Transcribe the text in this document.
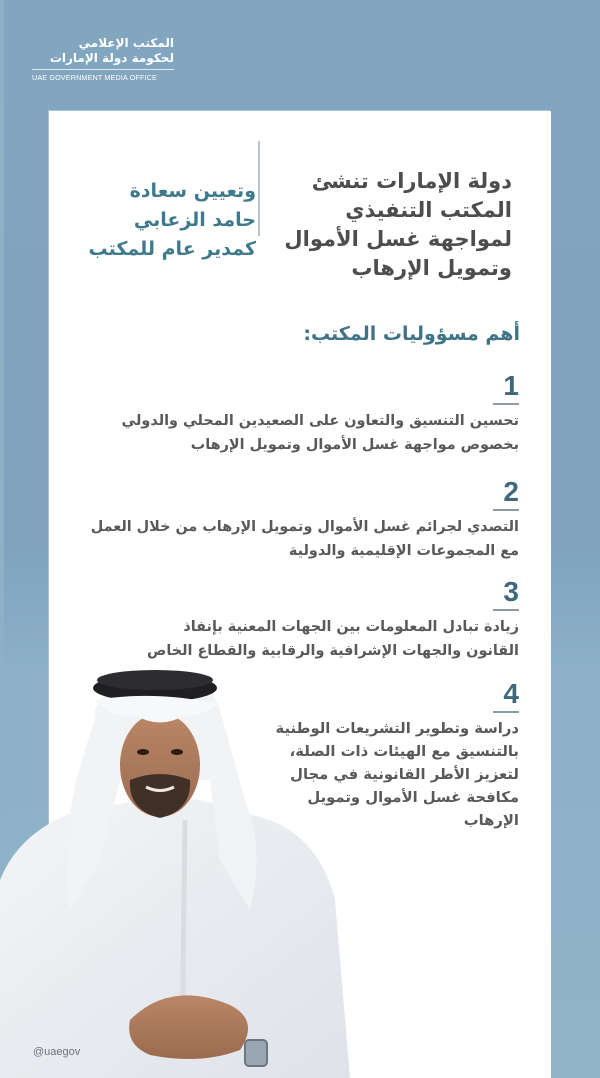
المكتب الإعلامي
لحكومة دولة الإمارات
UAE GOVERNMENT MEDIA OFFICE
دولة الإمارات تنشئ
المكتب التنفيذي
لمواجهة غسل الأموال
وتمويل الإرهاب
وتعيين سعادة
حامد الزعابي
كمدير عام للمكتب
أهم مسؤوليات المكتب:
1
تحسين التنسيق والتعاون على الصعيدين المحلي والدولي
بخصوص مواجهة غسل الأموال وتمويل الإرهاب
2
التصدي لجرائم غسل الأموال وتمويل الإرهاب من خلال العمل
مع المجموعات الإقليمية والدولية
3
زيادة تبادل المعلومات بين الجهات المعنية بإنفاذ
القانون والجهات الإشرافية والرقابية والقطاع الخاص
4
دراسة وتطوير التشريعات الوطنية
بالتنسيق مع الهيئات ذات الصلة،
لتعزيز الأطر القانونية في مجال
مكافحة غسل الأموال وتمويل
الإرهاب
@uaegov
